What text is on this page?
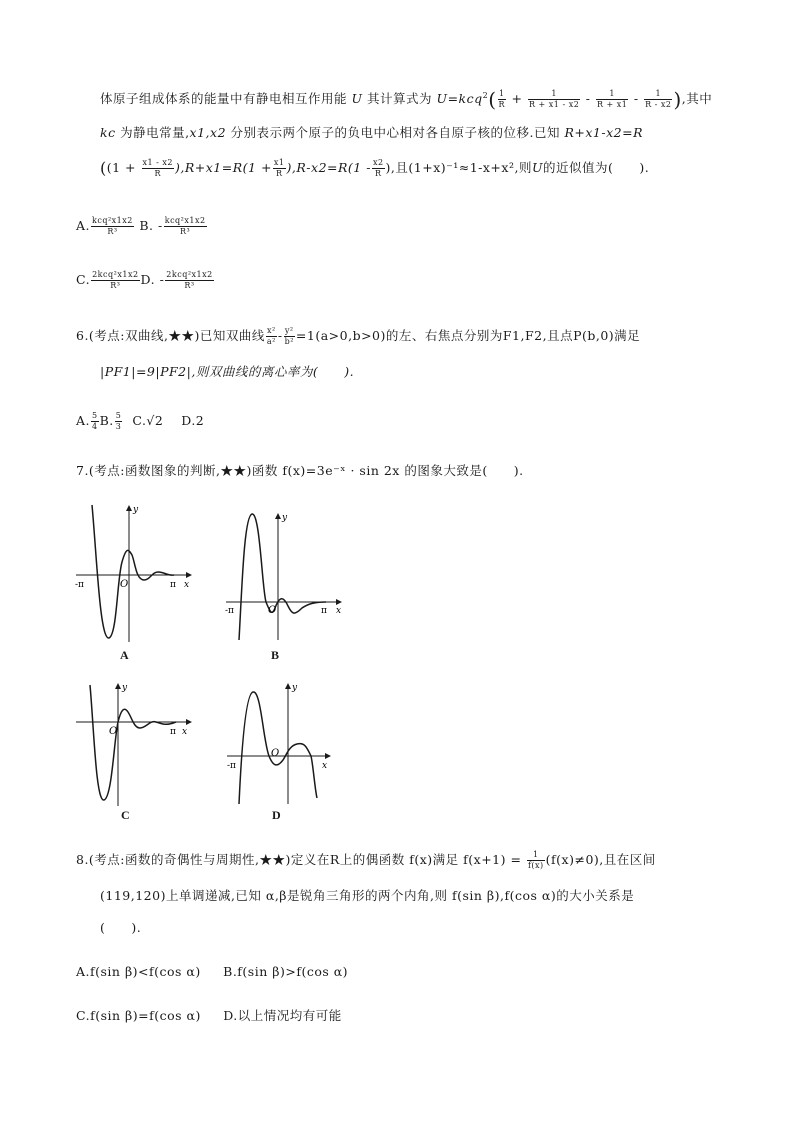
体原子组成体系的能量中有静电相互作用能 U 其计算式为 $U=kcq^2( \frac{1}{R} + \frac{1}{R + x1 - x2} - \frac{1}{R + x1} - \frac{1}{R - x2}$ ),其中
kc 为静电常量,x1,x2 分别表示两个原子的负电中心相对各自原子核的位移.已知 R+x1-x2=R
($(1 + \frac{x1 - x2}{R} ),R+x1=R(1 + \frac{x1}{R} ),R-x2=R(1 - \frac{x2}{R}$ ),且(1+x)⁻¹≈1-x+x²,则U的近似值为(　　).
A. $\frac{\text{kcq²x1x2}}{\text{R³}} B$. - $\frac{\text{kcq²x1x2}}{\text{R³}}$
C. $\frac{\text{2kcq²x1x2}}{\text{R³}} D$. - $\frac{\text{2kcq²x1x2}}{\text{R³}}$
6.(考点:双曲线,★★)已知双曲线 $\frac{\text{x²}}{\text{a²}} - \frac{\text{y²}}{\text{b²}} =1(a>0,b>0)$的左、右焦点分别为F1,F2,且点P(b,0)满足
|PF1|=9|PF2|,则双曲线的离心率为(　　).
A. $\frac{5}{4} B$. $\frac{5}{3} C.√2$ D.2
7.(考点:函数图象的判断,★★)函数 f(x)=3e⁻ˣ · sin 2x 的图象大致是(　　).
-π	O	π x
y
A
-π	O	π x
y
B
O	π x
y
C
-π
O
x
y
D
8.(考点:函数的奇偶性与周期性,★★)定义在R上的偶函数 f(x)满足 $f(x+1) = \frac{1}{f(x)} (f(x)\ne 0)$,且在区间
(119,120)上单调递减,已知 α,β是锐角三角形的两个内角,则 f(sin β),f(cos α)的大小关系是
(　　).
A.f(sin β)<f(cos α) B.f(sin β)>f(cos α)
C.f(sin β)=f(cos α) D.以上情况均有可能
